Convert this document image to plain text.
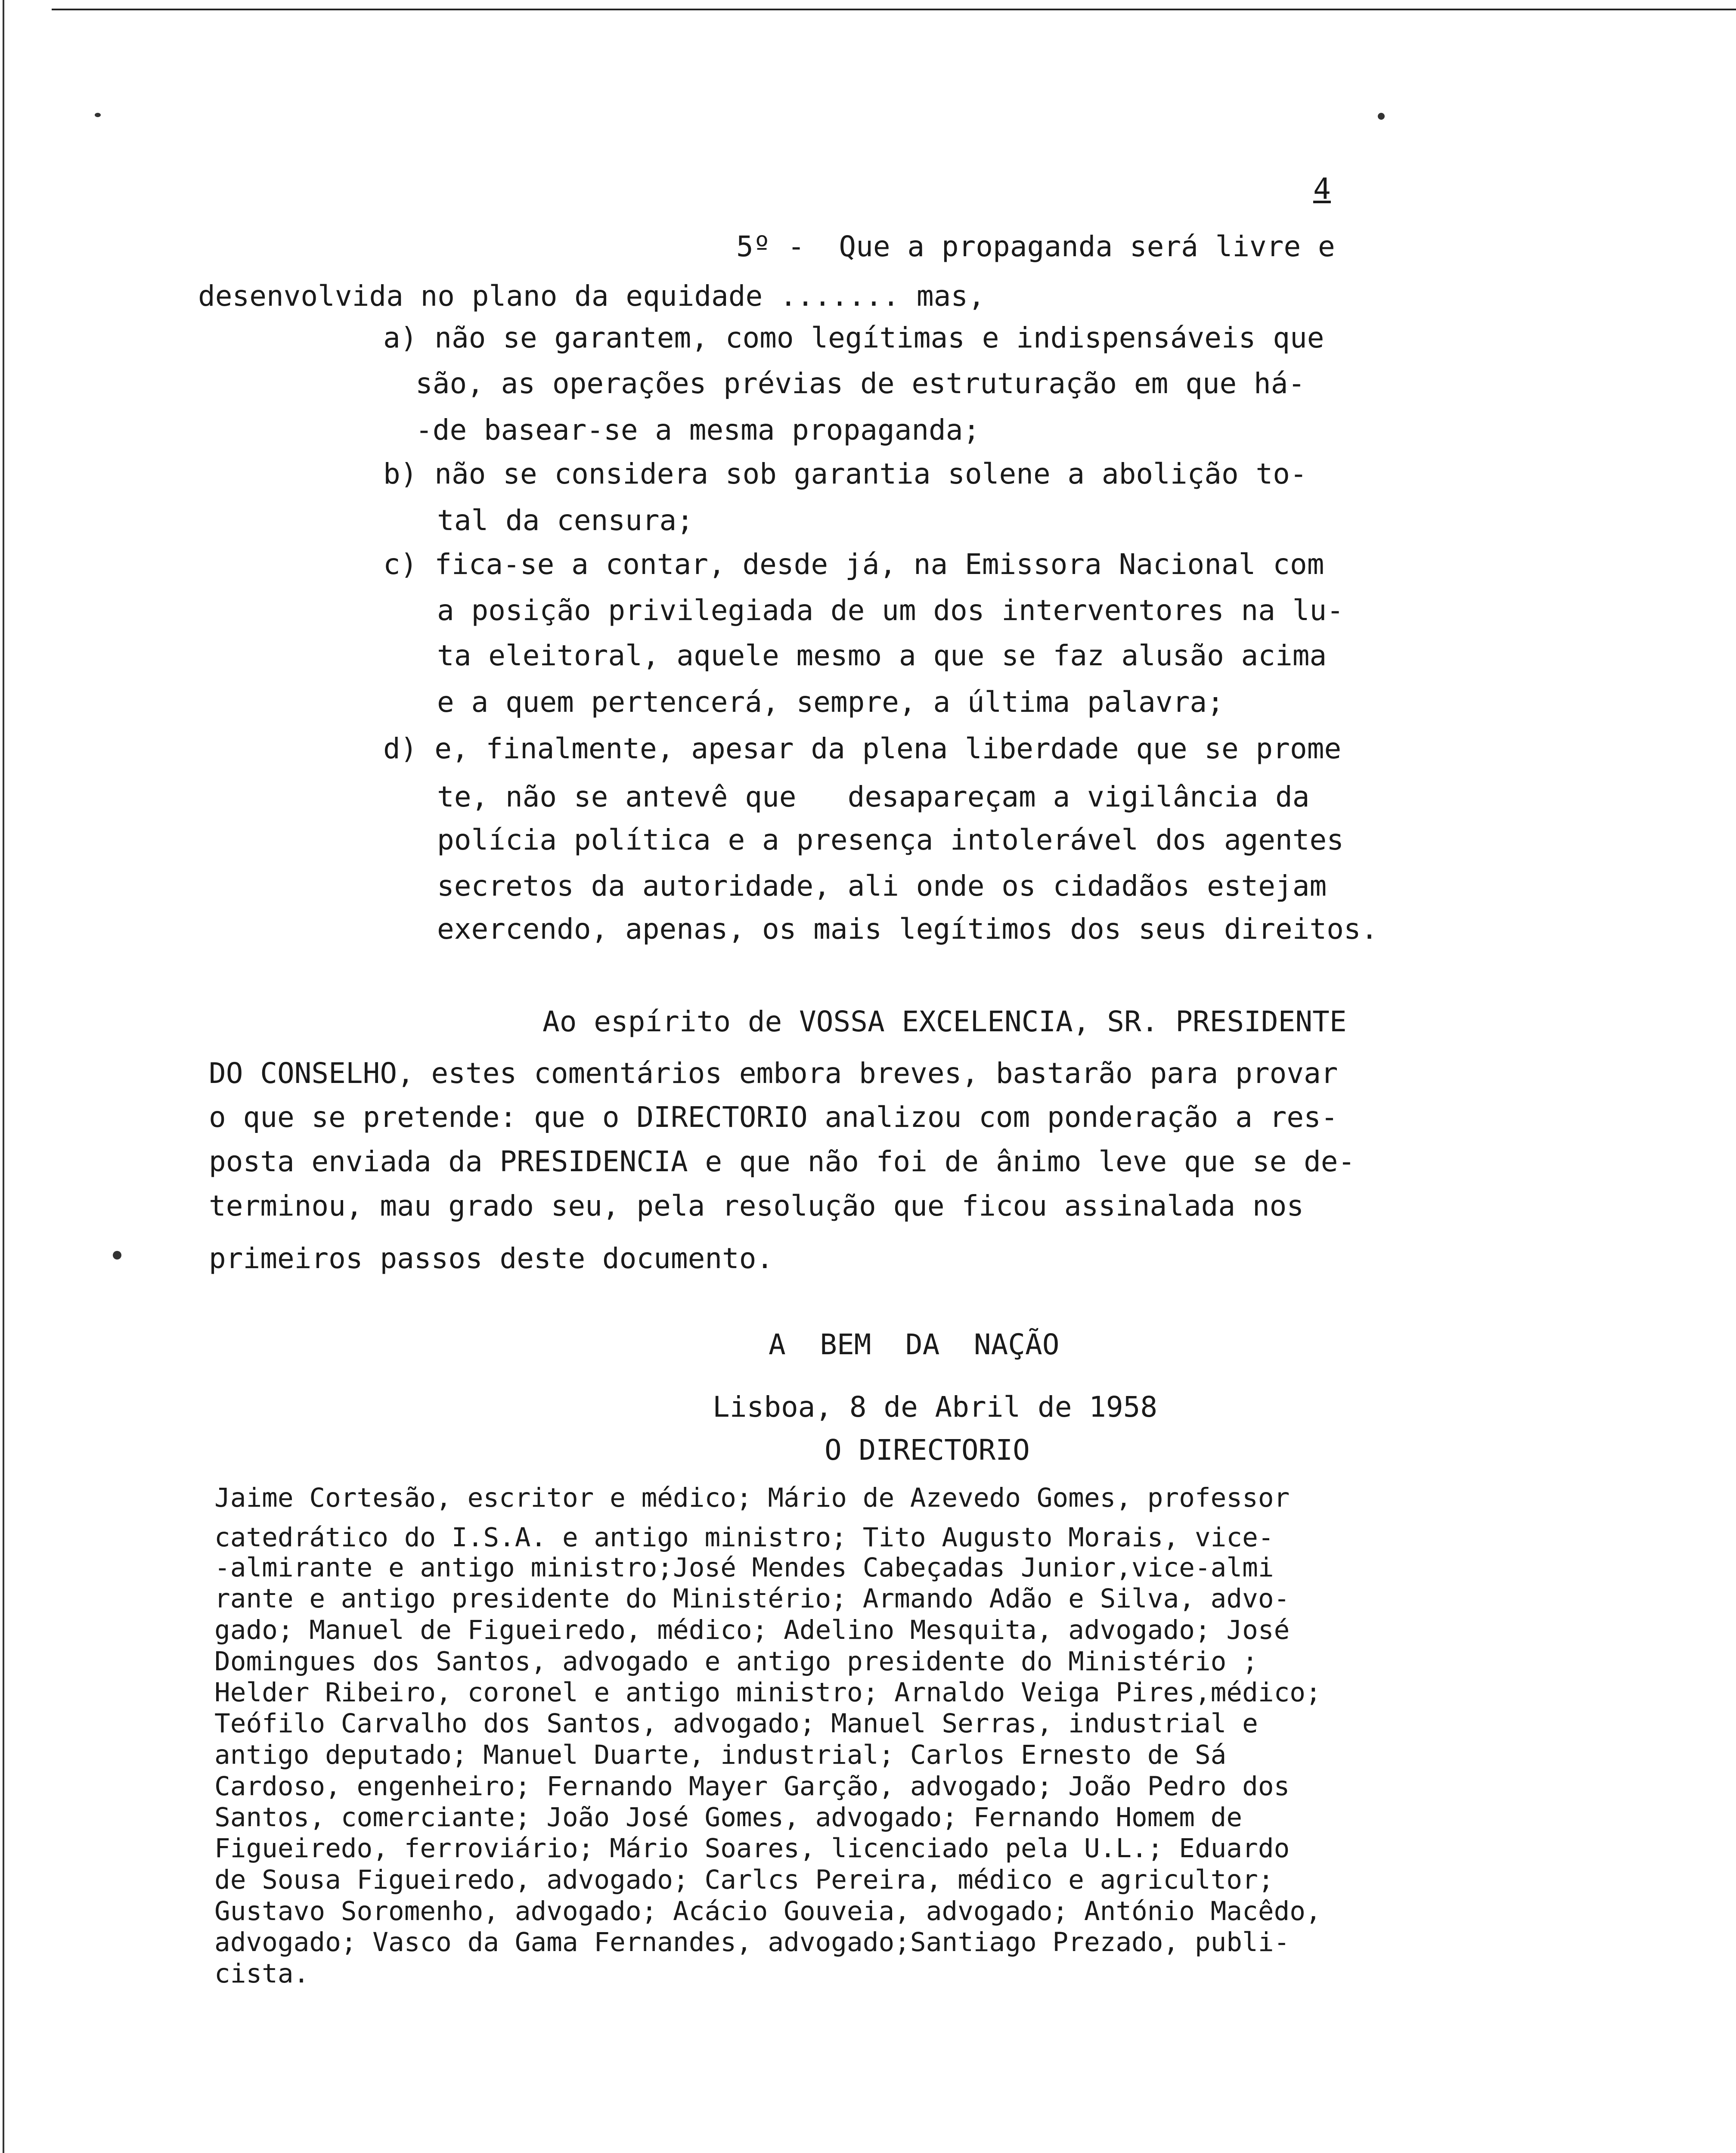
4
5º -  Que a propaganda será livre e
desenvolvida no plano da equidade ....... mas,
a) não se garantem, como legítimas e indispensáveis que
são, as operações prévias de estruturação em que há-
-de basear-se a mesma propaganda;
b) não se considera sob garantia solene a abolição to-
tal da censura;
c) fica-se a contar, desde já, na Emissora Nacional com
a posição privilegiada de um dos interventores na lu-
ta eleitoral, aquele mesmo a que se faz alusão acima
e a quem pertencerá, sempre, a última palavra;
d) e, finalmente, apesar da plena liberdade que se prome
te, não se antevê que   desapareçam a vigilância da
polícia política e a presença intolerável dos agentes
secretos da autoridade, ali onde os cidadãos estejam
exercendo, apenas, os mais legítimos dos seus direitos.
Ao espírito de VOSSA EXCELENCIA, SR. PRESIDENTE
DO CONSELHO, estes comentários embora breves, bastarão para provar
o que se pretende: que o DIRECTORIO analizou com ponderação a res-
posta enviada da PRESIDENCIA e que não foi de ânimo leve que se de-
terminou, mau grado seu, pela resolução que ficou assinalada nos
primeiros passos deste documento.
A  BEM  DA  NAÇÃO
Lisboa, 8 de Abril de 1958
O DIRECTORIO
Jaime Cortesão, escritor e médico; Mário de Azevedo Gomes, professor
catedrático do I.S.A. e antigo ministro; Tito Augusto Morais, vice-
-almirante e antigo ministro;José Mendes Cabeçadas Junior,vice-almi
rante e antigo presidente do Ministério; Armando Adão e Silva, advo-
gado; Manuel de Figueiredo, médico; Adelino Mesquita, advogado; José
Domingues dos Santos, advogado e antigo presidente do Ministério ;
Helder Ribeiro, coronel e antigo ministro; Arnaldo Veiga Pires,médico;
Teófilo Carvalho dos Santos, advogado; Manuel Serras, industrial e
antigo deputado; Manuel Duarte, industrial; Carlos Ernesto de Sá
Cardoso, engenheiro; Fernando Mayer Garção, advogado; João Pedro dos
Santos, comerciante; João José Gomes, advogado; Fernando Homem de
Figueiredo, ferroviário; Mário Soares, licenciado pela U.L.; Eduardo
de Sousa Figueiredo, advogado; Carlcs Pereira, médico e agricultor;
Gustavo Soromenho, advogado; Acácio Gouveia, advogado; António Macêdo,
advogado; Vasco da Gama Fernandes, advogado;Santiago Prezado, publi-
cista.
